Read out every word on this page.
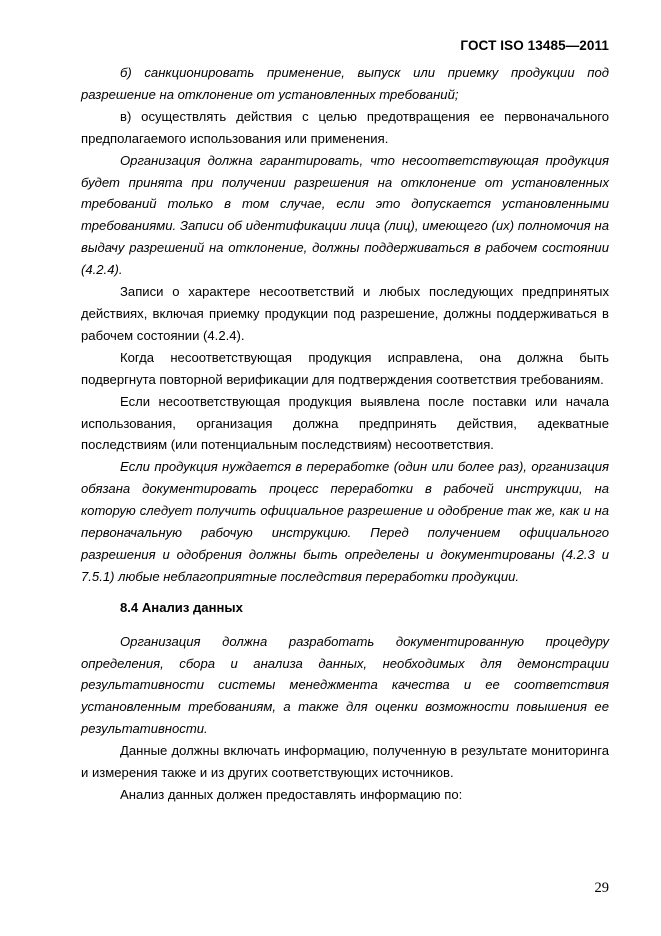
ГОСТ ISO 13485—2011

б) санкционировать применение, выпуск или приемку продукции под разрешение на отклонение от установленных требований;

в) осуществлять действия с целью предотвращения ее первоначального предполагаемого использования или применения.

Организация должна гарантировать, что несоответствующая продукция будет принята при получении разрешения на отклонение от установленных требований только в том случае, если это допускается установленными требованиями. Записи об идентификации лица (лиц), имеющего (их) полномочия на выдачу разрешений на отклонение, должны поддерживаться в рабочем состоянии (4.2.4).

Записи о характере несоответствий и любых последующих предпринятых действиях, включая приемку продукции под разрешение, должны поддерживаться в рабочем состоянии (4.2.4).

Когда несоответствующая продукция исправлена, она должна быть подвергнута повторной верификации для подтверждения соответствия требованиям.

Если несоответствующая продукция выявлена после поставки или начала использования, организация должна предпринять действия, адекватные последствиям (или потенциальным последствиям) несоответствия.

Если продукция нуждается в переработке (один или более раз), организация обязана документировать процесс переработки в рабочей инструкции, на которую следует получить официальное разрешение и одобрение так же, как и на первоначальную рабочую инструкцию. Перед получением официального разрешения и одобрения должны быть определены и документированы (4.2.3 и 7.5.1) любые неблагоприятные последствия переработки продукции.

8.4 Анализ данных

Организация должна разработать документированную процедуру определения, сбора и анализа данных, необходимых для демонстрации результативности системы менеджмента качества и ее соответствия установленным требованиям, а также для оценки возможности повышения ее результативности.

Данные должны включать информацию, полученную в результате мониторинга и измерения также и из других соответствующих источников.

Анализ данных должен предоставлять информацию по:

29
